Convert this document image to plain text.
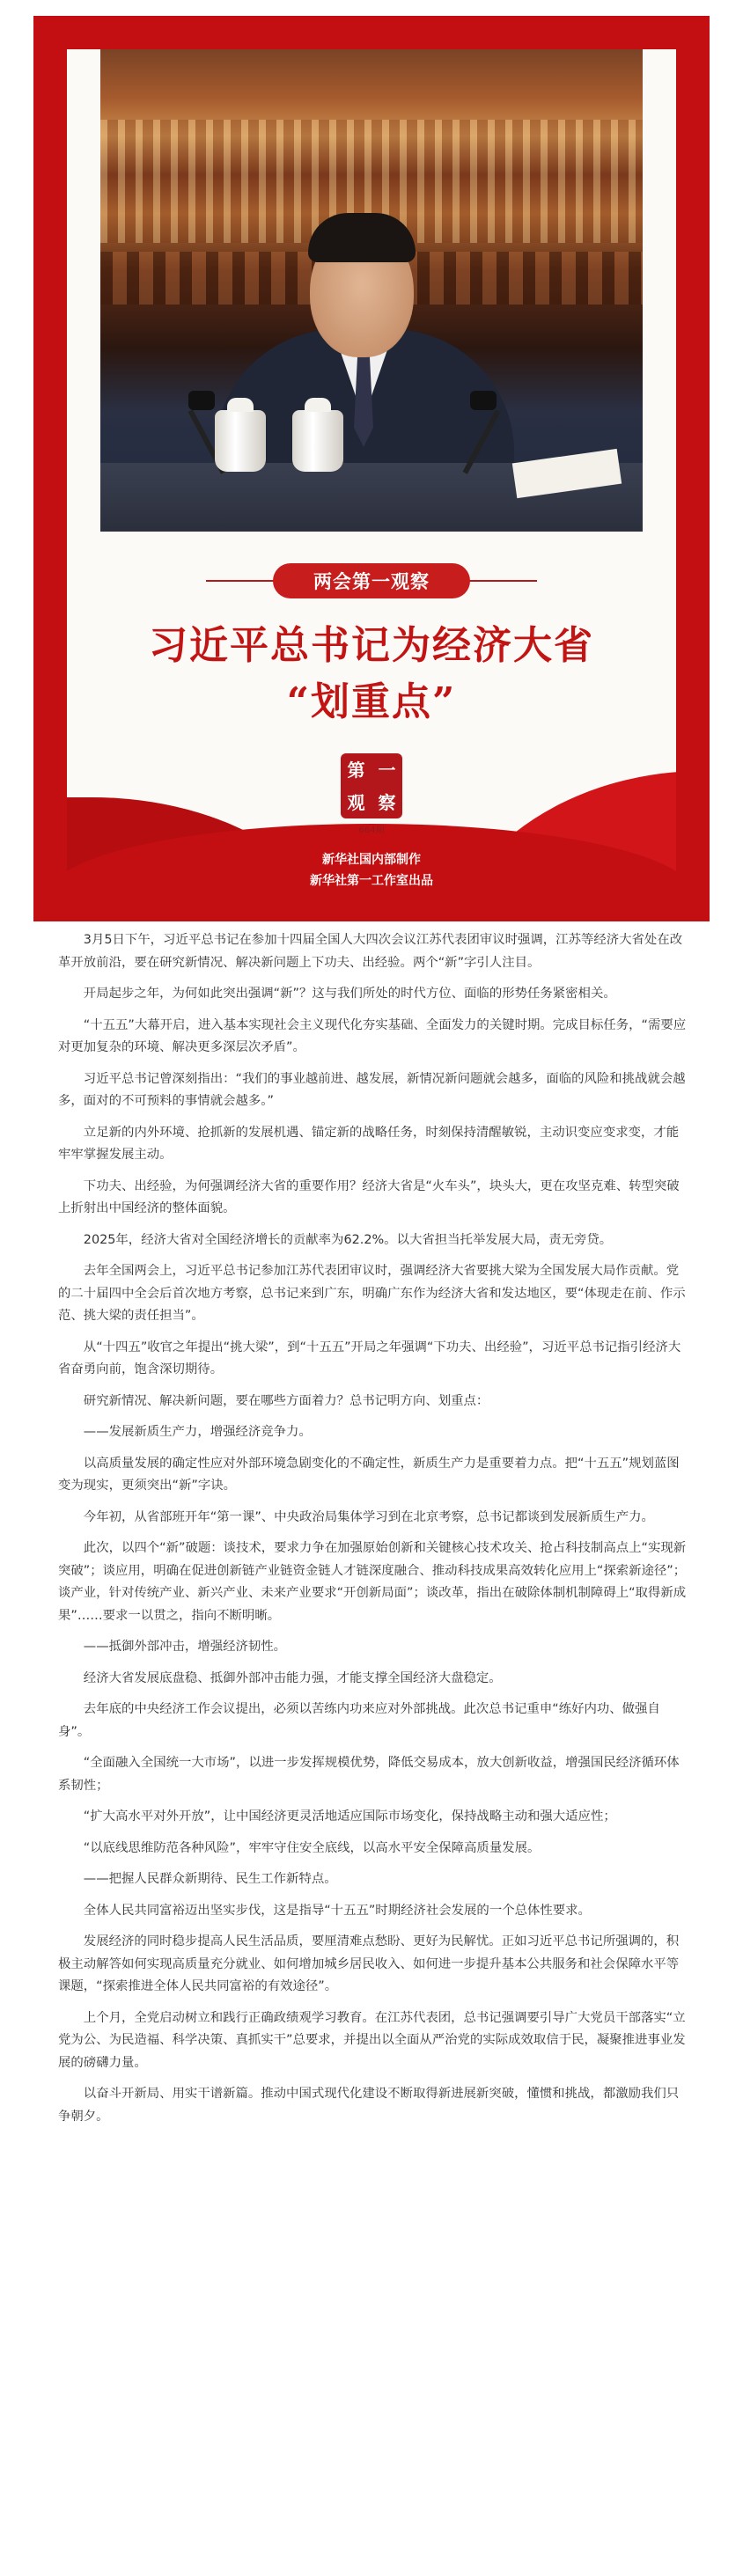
两会第一观察
习近平总书记为经济大省
“划重点”
第 一
观 察
664期
新华社国内部制作
新华社第一工作室出品

3月5日下午，习近平总书记在参加十四届全国人大四次会议江苏代表团审议时强调，江苏等经济大省处在改革开放前沿，要在研究新情况、解决新问题上下功夫、出经验。两个“新”字引人注目。

开局起步之年，为何如此突出强调“新”？这与我们所处的时代方位、面临的形势任务紧密相关。

“十五五”大幕开启，进入基本实现社会主义现代化夯实基础、全面发力的关键时期。完成目标任务，“需要应对更加复杂的环境、解决更多深层次矛盾”。

习近平总书记曾深刻指出：“我们的事业越前进、越发展，新情况新问题就会越多，面临的风险和挑战就会越多，面对的不可预料的事情就会越多。”

立足新的内外环境、抢抓新的发展机遇、锚定新的战略任务，时刻保持清醒敏锐，主动识变应变求变，才能牢牢掌握发展主动。

下功夫、出经验，为何强调经济大省的重要作用？经济大省是“火车头”，块头大，更在攻坚克难、转型突破上折射出中国经济的整体面貌。

2025年，经济大省对全国经济增长的贡献率为62.2%。以大省担当托举发展大局，责无旁贷。

去年全国两会上，习近平总书记参加江苏代表团审议时，强调经济大省要挑大梁为全国发展大局作贡献。党的二十届四中全会后首次地方考察，总书记来到广东，明确广东作为经济大省和发达地区，要“体现走在前、作示范、挑大梁的责任担当”。

从“十四五”收官之年提出“挑大梁”，到“十五五”开局之年强调“下功夫、出经验”，习近平总书记指引经济大省奋勇向前，饱含深切期待。

研究新情况、解决新问题，要在哪些方面着力？总书记明方向、划重点：

——发展新质生产力，增强经济竞争力。

以高质量发展的确定性应对外部环境急剧变化的不确定性，新质生产力是重要着力点。把“十五五”规划蓝图变为现实，更须突出“新”字诀。

今年初，从省部班开年“第一课”、中央政治局集体学习到在北京考察，总书记都谈到发展新质生产力。

此次，以四个“新”破题：谈技术，要求力争在加强原始创新和关键核心技术攻关、抢占科技制高点上“实现新突破”；谈应用，明确在促进创新链产业链资金链人才链深度融合、推动科技成果高效转化应用上“探索新途径”；谈产业，针对传统产业、新兴产业、未来产业要求“开创新局面”；谈改革，指出在破除体制机制障碍上“取得新成果”……要求一以贯之，指向不断明晰。

——抵御外部冲击，增强经济韧性。

经济大省发展底盘稳、抵御外部冲击能力强，才能支撑全国经济大盘稳定。

去年底的中央经济工作会议提出，必须以苦练内功来应对外部挑战。此次总书记重申“练好内功、做强自身”。

“全面融入全国统一大市场”，以进一步发挥规模优势，降低交易成本，放大创新收益，增强国民经济循环体系韧性；

“扩大高水平对外开放”，让中国经济更灵活地适应国际市场变化，保持战略主动和强大适应性；

“以底线思维防范各种风险”，牢牢守住安全底线，以高水平安全保障高质量发展。

——把握人民群众新期待、民生工作新特点。

全体人民共同富裕迈出坚实步伐，这是指导“十五五”时期经济社会发展的一个总体性要求。

发展经济的同时稳步提高人民生活品质，要厘清难点愁盼、更好为民解忧。正如习近平总书记所强调的，积极主动解答如何实现高质量充分就业、如何增加城乡居民收入、如何进一步提升基本公共服务和社会保障水平等课题，“探索推进全体人民共同富裕的有效途径”。

上个月，全党启动树立和践行正确政绩观学习教育。在江苏代表团，总书记强调要引导广大党员干部落实“立党为公、为民造福、科学决策、真抓实干”总要求，并提出以全面从严治党的实际成效取信于民，凝聚推进事业发展的磅礴力量。

以奋斗开新局、用实干谱新篇。推动中国式现代化建设不断取得新进展新突破，懂惯和挑战，都激励我们只争朝夕。
